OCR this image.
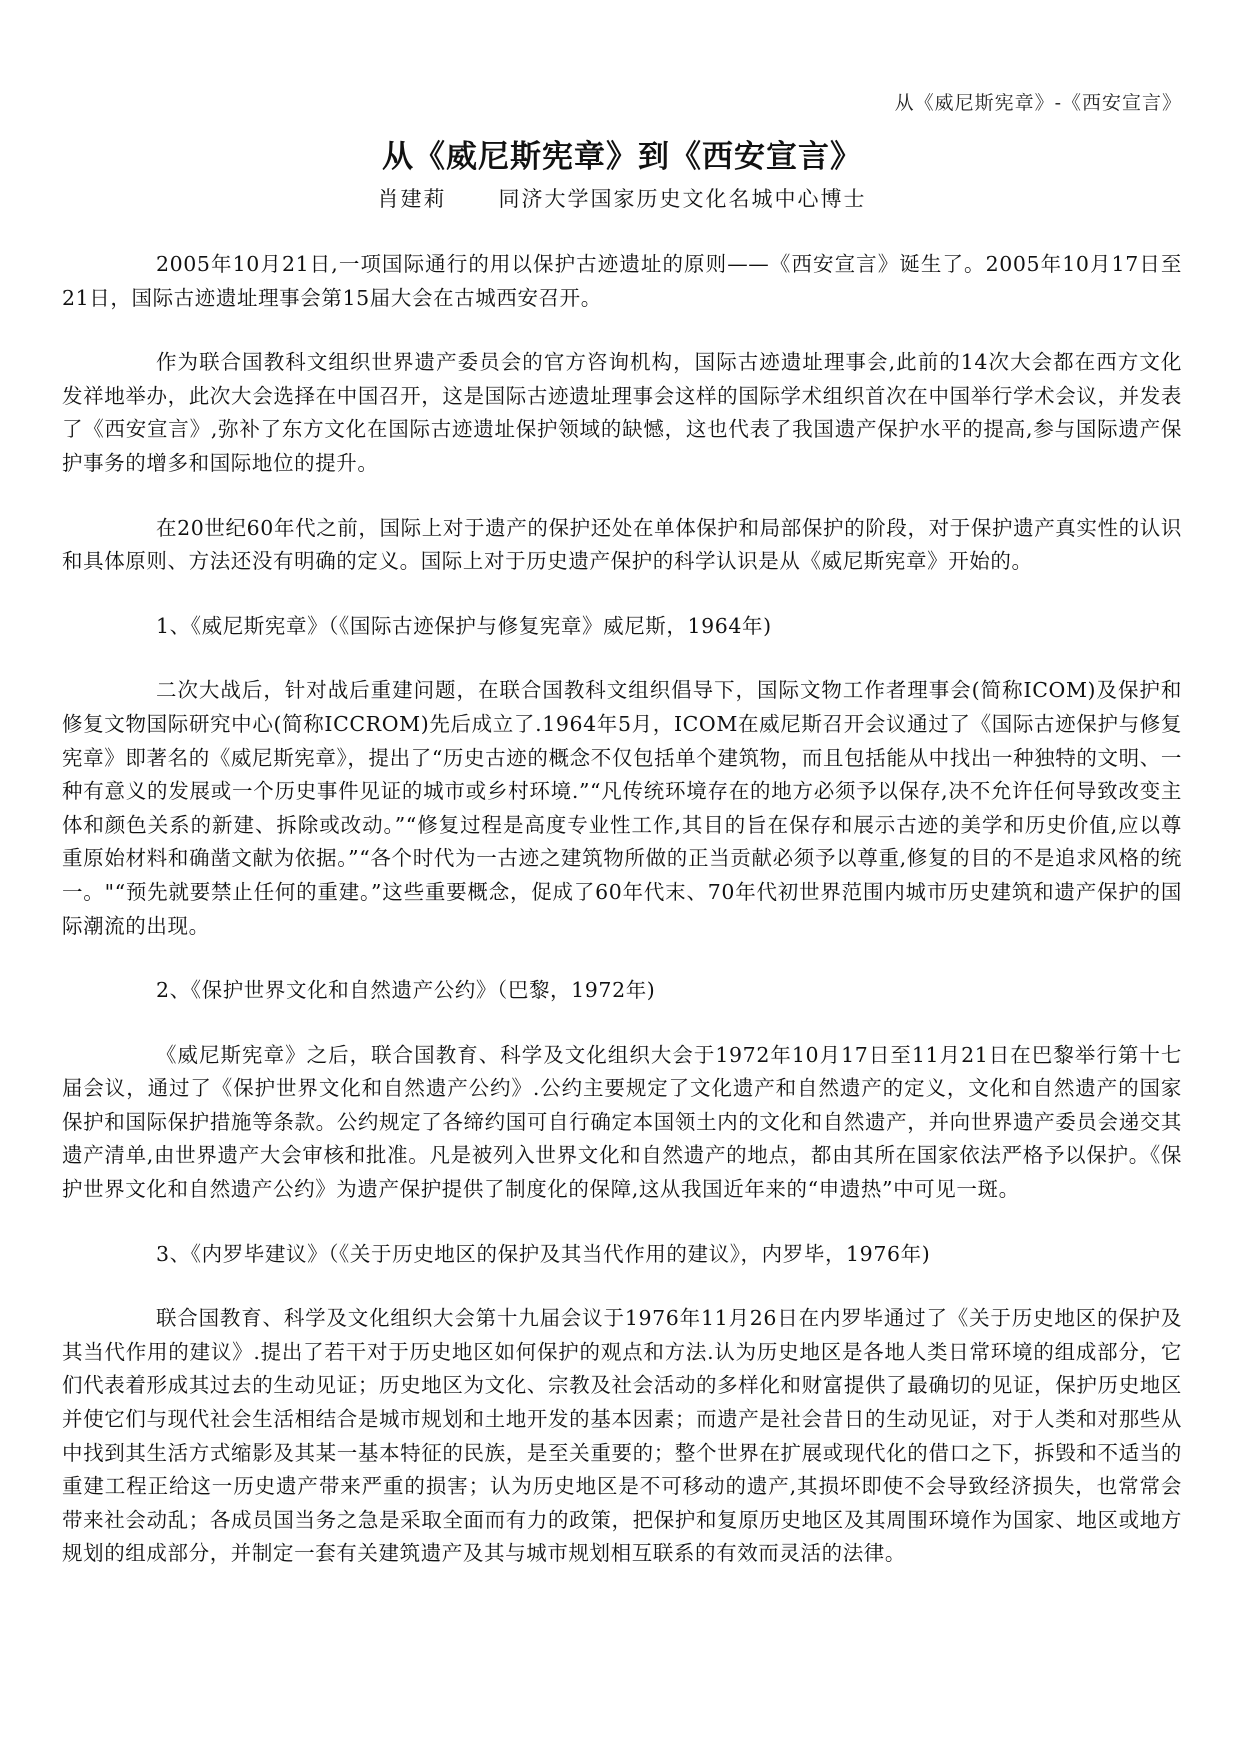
从《威尼斯宪章》-《西安宣言》
从《威尼斯宪章》到《西安宣言》
肖建莉 同济大学国家历史文化名城中心博士

2005年10月21日,一项国际通行的用以保护古迹遗址的原则——《西安宣言》诞生了。2005年10月17日至21日，国际古迹遗址理事会第15届大会在古城西安召开。

作为联合国教科文组织世界遗产委员会的官方咨询机构，国际古迹遗址理事会,此前的14次大会都在西方文化发祥地举办，此次大会选择在中国召开，这是国际古迹遗址理事会这样的国际学术组织首次在中国举行学术会议，并发表了《西安宣言》,弥补了东方文化在国际古迹遗址保护领域的缺憾，这也代表了我国遗产保护水平的提高,参与国际遗产保护事务的增多和国际地位的提升。

在20世纪60年代之前，国际上对于遗产的保护还处在单体保护和局部保护的阶段，对于保护遗产真实性的认识和具体原则、方法还没有明确的定义。国际上对于历史遗产保护的科学认识是从《威尼斯宪章》开始的。

1、《威尼斯宪章》（《国际古迹保护与修复宪章》威尼斯，1964年)

二次大战后，针对战后重建问题，在联合国教科文组织倡导下，国际文物工作者理事会(简称ICOM)及保护和修复文物国际研究中心(简称ICCROM)先后成立了.1964年5月，ICOM在威尼斯召开会议通过了《国际古迹保护与修复宪章》即著名的《威尼斯宪章》，提出了“历史古迹的概念不仅包括单个建筑物，而且包括能从中找出一种独特的文明、一种有意义的发展或一个历史事件见证的城市或乡村环境.”“凡传统环境存在的地方必须予以保存,决不允许任何导致改变主体和颜色关系的新建、拆除或改动。”“修复过程是高度专业性工作,其目的旨在保存和展示古迹的美学和历史价值,应以尊重原始材料和确凿文献为依据。”“各个时代为一古迹之建筑物所做的正当贡献必须予以尊重,修复的目的不是追求风格的统一。"“预先就要禁止任何的重建。”这些重要概念，促成了60年代末、70年代初世界范围内城市历史建筑和遗产保护的国际潮流的出现。

2、《保护世界文化和自然遗产公约》（巴黎，1972年)

《威尼斯宪章》之后，联合国教育、科学及文化组织大会于1972年10月17日至11月21日在巴黎举行第十七届会议，通过了《保护世界文化和自然遗产公约》.公约主要规定了文化遗产和自然遗产的定义，文化和自然遗产的国家保护和国际保护措施等条款。公约规定了各缔约国可自行确定本国领土内的文化和自然遗产，并向世界遗产委员会递交其遗产清单,由世界遗产大会审核和批准。凡是被列入世界文化和自然遗产的地点，都由其所在国家依法严格予以保护。《保护世界文化和自然遗产公约》为遗产保护提供了制度化的保障,这从我国近年来的“申遗热”中可见一斑。

3、《内罗毕建议》（《关于历史地区的保护及其当代作用的建议》，内罗毕，1976年)

联合国教育、科学及文化组织大会第十九届会议于1976年11月26日在内罗毕通过了《关于历史地区的保护及其当代作用的建议》.提出了若干对于历史地区如何保护的观点和方法.认为历史地区是各地人类日常环境的组成部分，它们代表着形成其过去的生动见证；历史地区为文化、宗教及社会活动的多样化和财富提供了最确切的见证，保护历史地区并使它们与现代社会生活相结合是城市规划和土地开发的基本因素；而遗产是社会昔日的生动见证，对于人类和对那些从中找到其生活方式缩影及其某一基本特征的民族，是至关重要的；整个世界在扩展或现代化的借口之下，拆毁和不适当的重建工程正给这一历史遗产带来严重的损害；认为历史地区是不可移动的遗产,其损坏即使不会导致经济损失，也常常会带来社会动乱；各成员国当务之急是采取全面而有力的政策，把保护和复原历史地区及其周围环境作为国家、地区或地方规划的组成部分，并制定一套有关建筑遗产及其与城市规划相互联系的有效而灵活的法律。
